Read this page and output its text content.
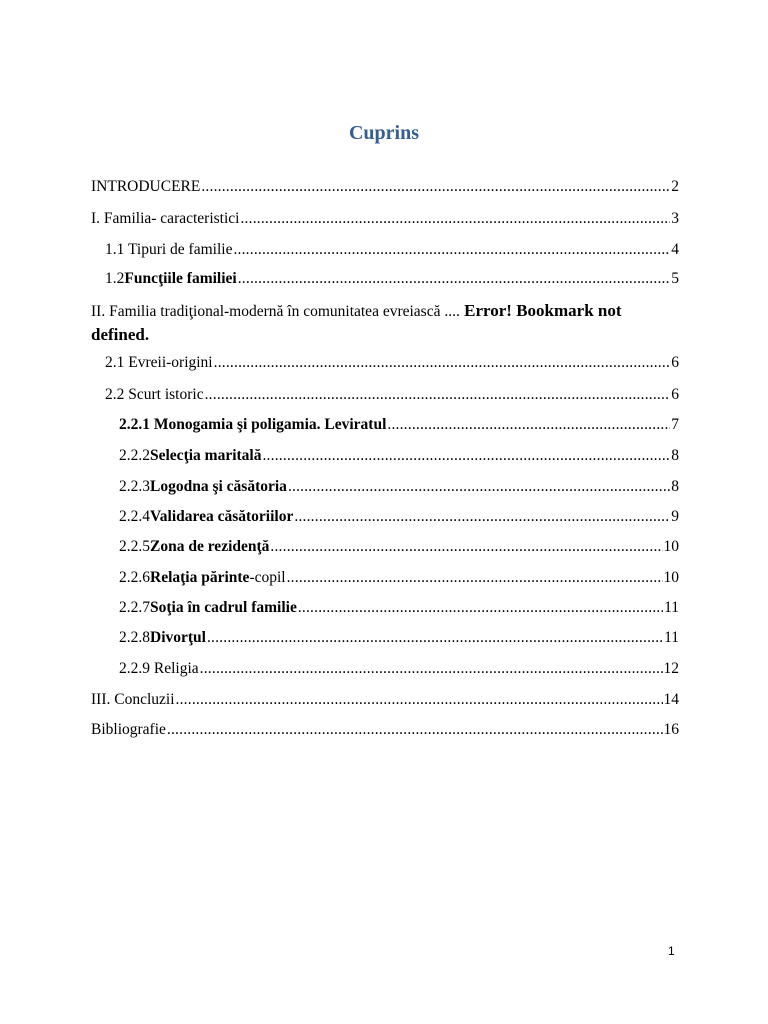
Cuprins
INTRODUCERE .....	2
I. Familia- caracteristici .....	3
1.1 Tipuri de familie .....	4
1.2 Funcţiile familiei .....	5
II. Familia tradiţional-modernă în comunitatea evreiască .... Error! Bookmark not defined.
2.1 Evreii-origini .....	6
2.2 Scurt istoric .....	6
2.2.1 Monogamia şi poligamia. Leviratul .....	7
2.2.2 Selecţia maritală .....	8
2.2.3 Logodna şi căsătoria .....	8
2.2.4 Validarea căsătoriilor .....	9
2.2.5 Zona de rezidenţă .....	10
2.2.6 Relaţia părinte -copil .....	10
2.2.7 Soţia în cadrul familie .....	11
2.2.8 Divorţul .....	11
2.2.9 Religia .....	12
III. Concluzii .....	14
Bibliografie .....	16
1
